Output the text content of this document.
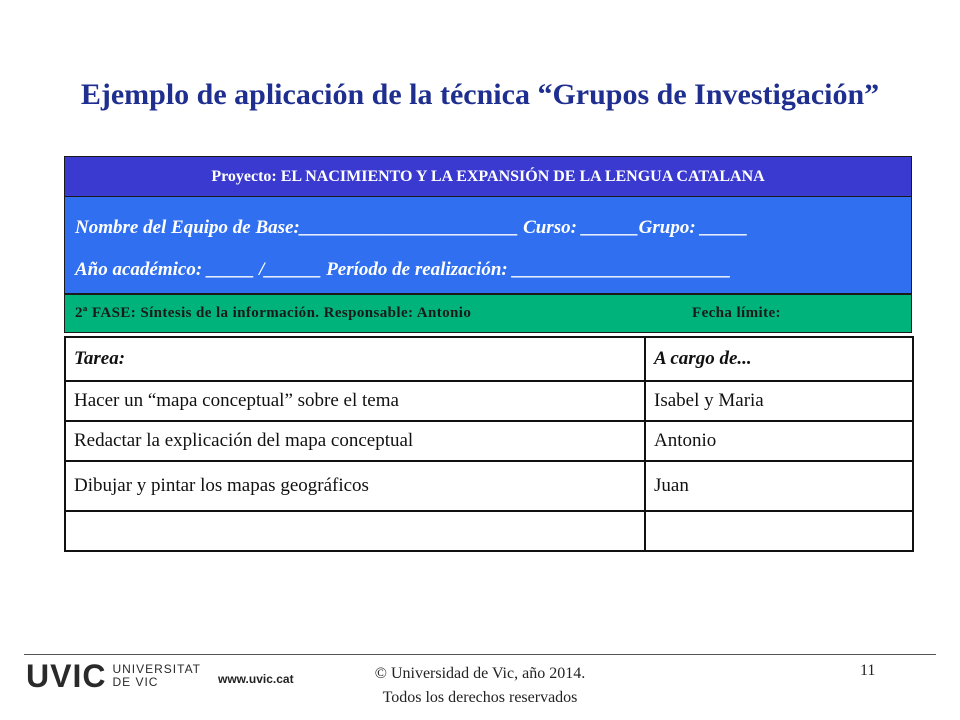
Ejemplo de aplicación de la técnica “Grupos de Investigación”
Proyecto: EL NACIMIENTO Y LA EXPANSIÓN DE LA LENGUA CATALANA
Nombre del Equipo de Base:_______________________ Curso: ______Grupo: _____
Año académico: _____ /______ Período de realización: _______________________
2ª FASE: Síntesis de la información. Responsable: Antonio	Fecha límite:
Tarea:	A cargo de...
Hacer un “mapa conceptual” sobre el tema	Isabel y Maria
Redactar la explicación del mapa conceptual	Antonio
Dibujar y pintar los mapas geográficos	Juan

UVIC UNIVERSITAT
DE VIC	www.uvic.cat	© Universidad de Vic, año 2014.
Todos los derechos reservados
11
